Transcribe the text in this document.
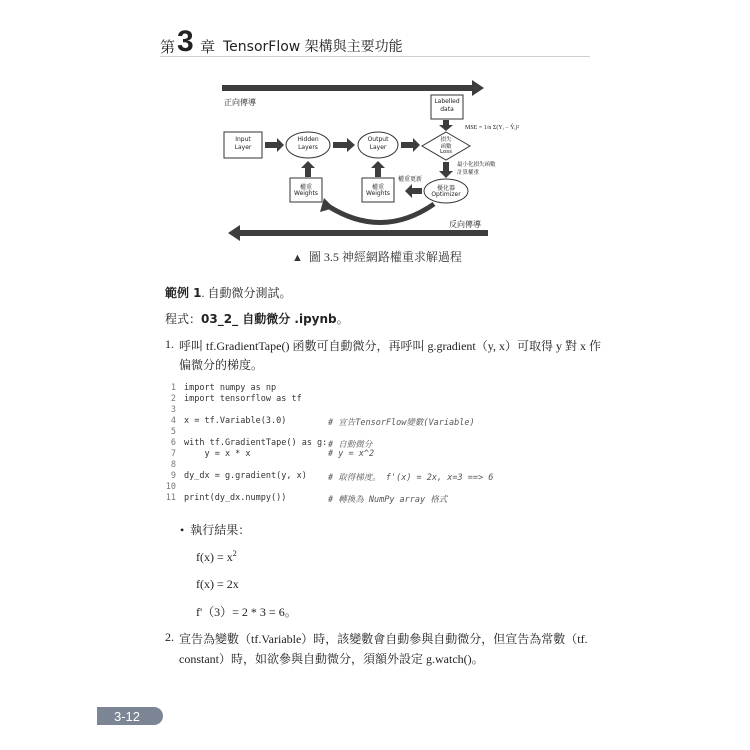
第 3 章 TensorFlow 架構與主要功能
正向傳導
反向傳導
Labelled
data
Input
Layer
Hidden
Layers
Output
Layer
損失
函數
Loss
MSE = 1/n Σ(Yᵢ − Ŷᵢ)²
最小化損失函數
計算權重
權重
Weights
權重
Weights
權重更新
優化器
Optimizer
▲ 圖 3.5 神經網路權重求解過程
範例 1. 自動微分測試。
程式：03_2_ 自動微分 .ipynb。
1. 呼叫 tf.GradientTape() 函數可自動微分，再呼叫 g.gradient（y, x）可取得 y 對 x 作
偏微分的梯度。
1 import numpy as np
2 import tensorflow as tf
3
4 x = tf.Variable(3.0)	# 宣告TensorFlow變數(Variable)
5
6 with tf.GradientTape() as g: # 自動微分
7    y = x * x	# y = x^2
8
9 dy_dx = g.gradient(y, x) # 取得梯度。 f'(x) = 2x, x=3 ==> 6
10
11 print(dy_dx.numpy())	# 轉換為 NumPy array 格式
• 執行結果：
$f(x) = x^2$
f(x) = 2x
f'（3）= 2 * 3 = 6。
2. 宣告為變數（tf.Variable）時，該變數會自動參與自動微分，但宣告為常數（tf.
constant）時，如欲參與自動微分，須額外設定 g.watch()。
3-12
